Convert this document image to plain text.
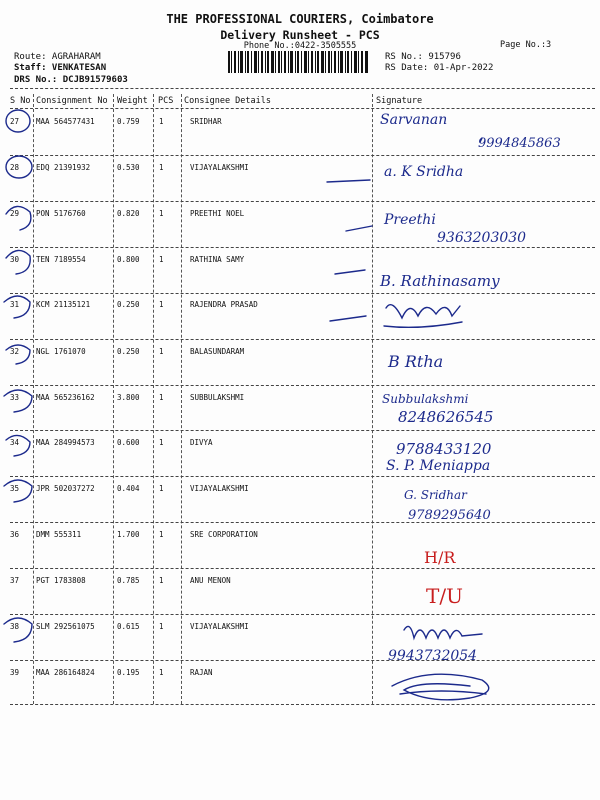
THE PROFESSIONAL COURIERS, Coimbatore
Delivery Runsheet - PCS
Phone No.:0422-3505555	Page No.:3
Route: AGRAHARAM
Staff: VENKATESAN
DRS No.: DCJB91579603
RS No.: 915796
RS Date: 01-Apr-2022
S No Consignment No Weight PCS Consignee Details	Signature
27 MAA 564577431	0.759	1	SRIDHAR	Sarvanan
9994845863
28 EDQ 21391932	0.530	1	VIJAYALAKSHMI	a. K Sridha
29 PON 5176760	0.820	1	PREETHI NOEL	Preethi
9363203030
30 TEN 7189554	0.800	1	RATHINA SAMY
B. Rathinasamy
31 KCM 21135121	0.250	1	RAJENDRA PRASAD
32 NGL 1761070	0.250	1	BALASUNDARAM
B Rtha
33 MAA 565236162	3.800	1	SUBBULAKSHMI	Subbulakshmi
8248626545
34 MAA 284994573	0.600	1	DIVYA	9788433120
S. P. Meniappa
35 JPR 502037272	0.404	1	VIJAYALAKSHMI	G. Sridhar
9789295640
36 DMM 555311	1.700	1	SRE CORPORATION
H/R
37 PGT 1783808	0.785	1	ANU MENON
T/U
38 SLM 292561075	0.615	1	VIJAYALAKSHMI
9943732054
39 MAA 286164824	0.195	1	RAJAN
